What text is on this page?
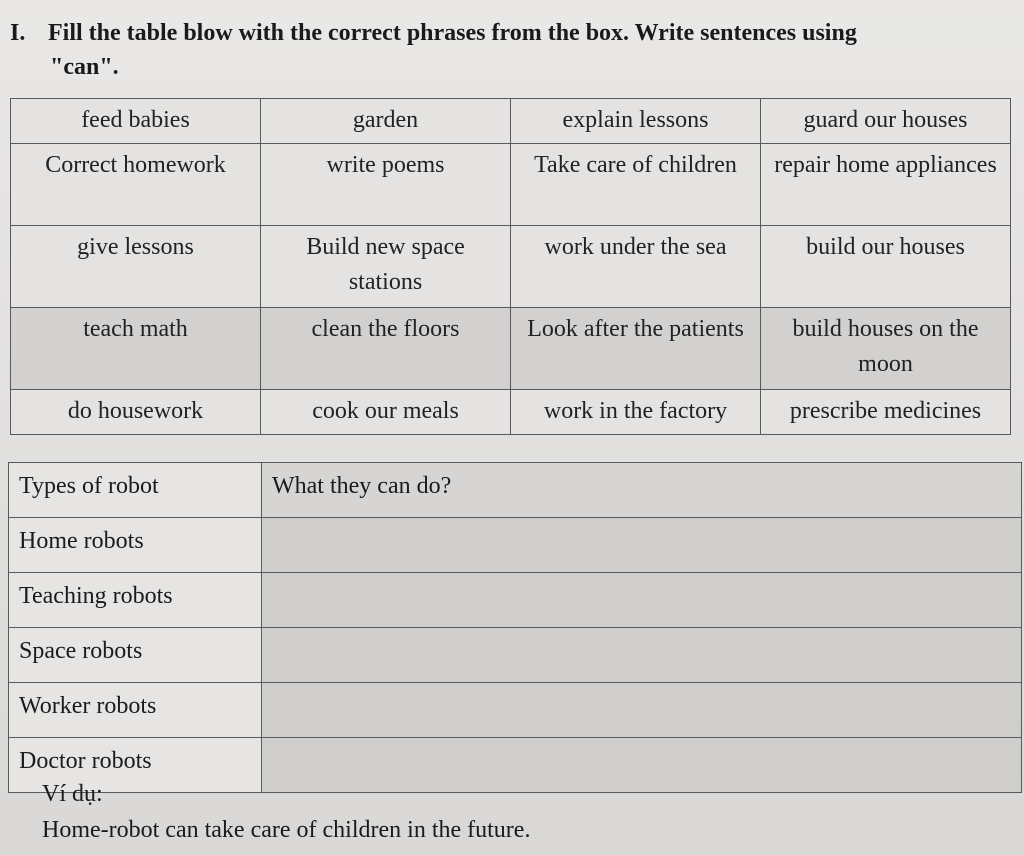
I. Fill the table blow with the correct phrases from the box. Write sentences using
"can".
feed babies	garden	explain lessons	guard our houses
Correct homework	write poems	Take care of children	repair home appliances
give lessons	Build new space stations	work under the sea	build our houses
teach math	clean the floors	Look after the patients	build houses on the moon
do housework	cook our meals	work in the factory	prescribe medicines
Types of robot	What they can do?
Home robots	
Teaching robots	
Space robots	
Worker robots	
Doctor robots	
Ví dụ:
Home-robot can take care of children in the future.
